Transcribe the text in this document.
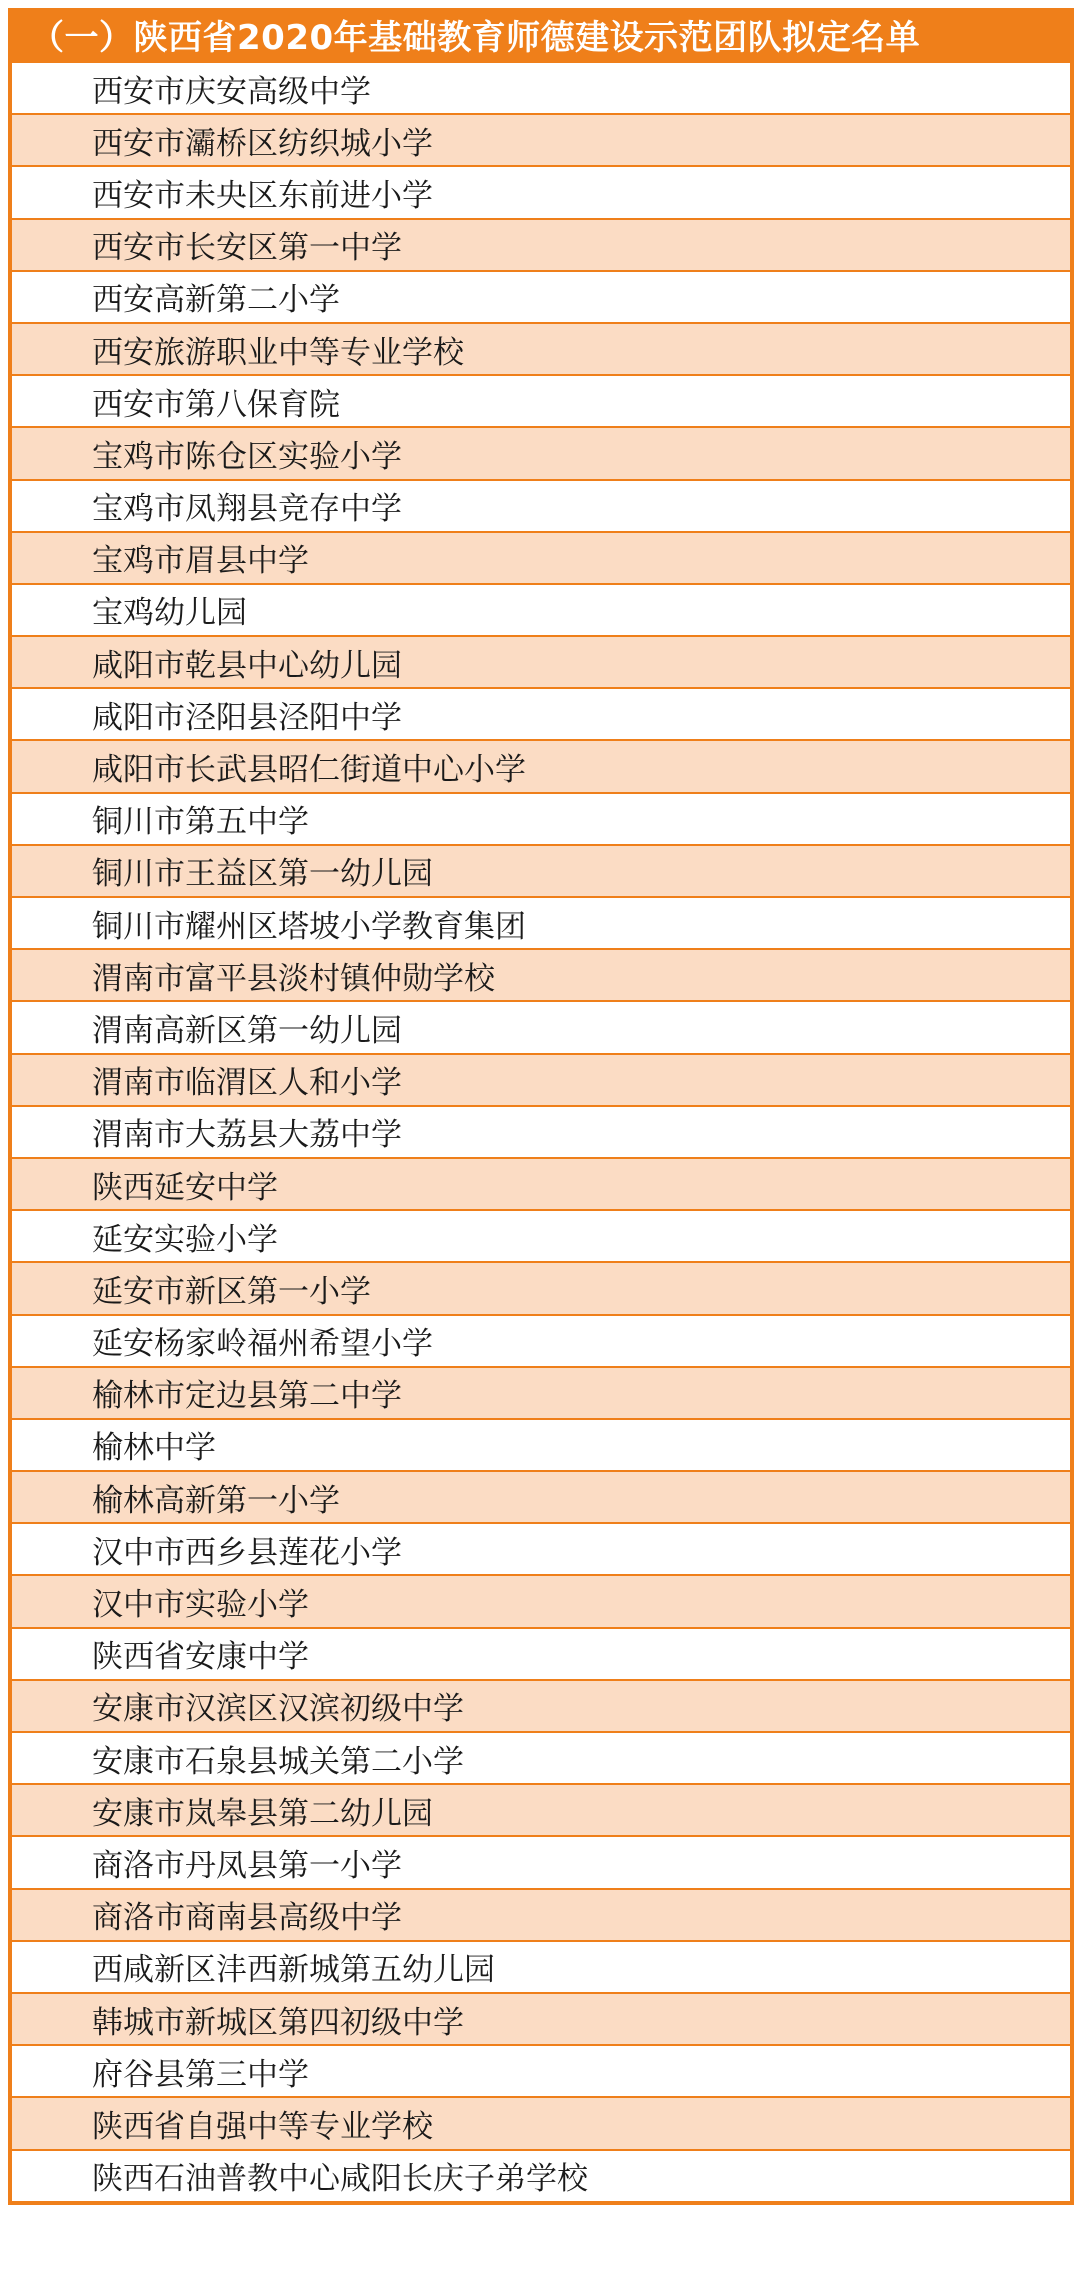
（一）陕西省2020年基础教育师德建设示范团队拟定名单
西安市庆安高级中学
西安市灞桥区纺织城小学
西安市未央区东前进小学
西安市长安区第一中学
西安高新第二小学
西安旅游职业中等专业学校
西安市第八保育院
宝鸡市陈仓区实验小学
宝鸡市凤翔县竞存中学
宝鸡市眉县中学
宝鸡幼儿园
咸阳市乾县中心幼儿园
咸阳市泾阳县泾阳中学
咸阳市长武县昭仁街道中心小学
铜川市第五中学
铜川市王益区第一幼儿园
铜川市耀州区塔坡小学教育集团
渭南市富平县淡村镇仲勋学校
渭南高新区第一幼儿园
渭南市临渭区人和小学
渭南市大荔县大荔中学
陕西延安中学
延安实验小学
延安市新区第一小学
延安杨家岭福州希望小学
榆林市定边县第二中学
榆林中学
榆林高新第一小学
汉中市西乡县莲花小学
汉中市实验小学
陕西省安康中学
安康市汉滨区汉滨初级中学
安康市石泉县城关第二小学
安康市岚皋县第二幼儿园
商洛市丹凤县第一小学
商洛市商南县高级中学
西咸新区沣西新城第五幼儿园
韩城市新城区第四初级中学
府谷县第三中学
陕西省自强中等专业学校
陕西石油普教中心咸阳长庆子弟学校
